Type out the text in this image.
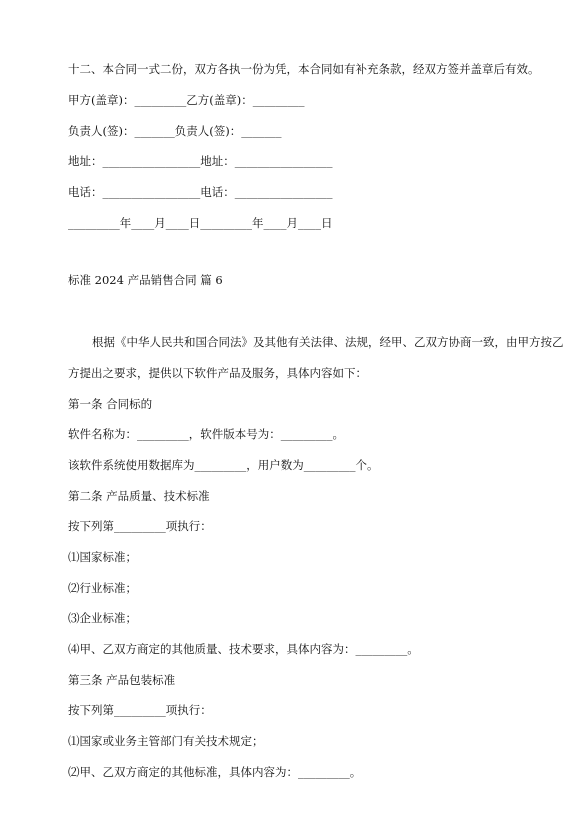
十二、本合同一式二份，双方各执一份为凭，本合同如有补充条款，经双方签并盖章后有效。
甲方(盖章)：_________乙方(盖章)：_________
负责人(签)：_______负责人(签)：_______
地址：_________________地址：_________________
电话：_________________电话：_________________
_________年____月____日_________年____月____日
标准 2024 产品销售合同 篇 6
根据《中华人民共和国合同法》及其他有关法律、法规，经甲、乙双方协商一致，由甲方按乙
方提出之要求，提供以下软件产品及服务，具体内容如下：
第一条 合同标的
软件名称为：_________，软件版本号为：_________。
该软件系统使用数据库为_________，用户数为_________个。
第二条 产品质量、技术标准
按下列第_________项执行：
⑴国家标准；
⑵行业标准；
⑶企业标准；
⑷甲、乙双方商定的其他质量、技术要求，具体内容为：_________。
第三条 产品包装标准
按下列第_________项执行：
⑴国家或业务主管部门有关技术规定；
⑵甲、乙双方商定的其他标准，具体内容为：_________。
